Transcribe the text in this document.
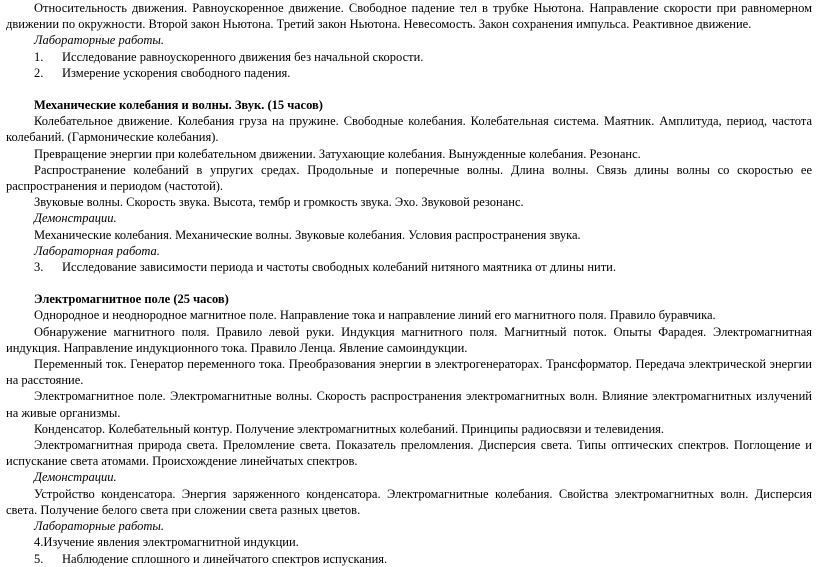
Относительность движения. Равноускоренное движение. Свободное падение тел в трубке Ньютона. Направление скорости при равномерном движении по окружности. Второй закон Ньютона. Третий закон Ньютона. Невесомость. Закон сохранения импульса. Реактивное движение.

Лабораторные работы.

1.	Исследование равноускоренного движения без начальной скорости.
2.	Измерение ускорения свободного падения.

Механические колебания и волны. Звук. (15 часов)

Колебательное движение. Колебания груза на пружине. Свободные колебания. Колебательная система. Маятник. Амплитуда, период, частота колебаний. (Гармонические колебания).

Превращение энергии при колебательном движении. Затухающие колебания. Вынужденные колебания. Резонанс.

Распространение колебаний в упругих средах. Продольные и поперечные волны. Длина волны. Связь длины волны со скоростью ее распространения и периодом (частотой).

Звуковые волны. Скорость звука. Высота, тембр и громкость звука. Эхо. Звуковой резонанс.

Демонстрации.

Механические колебания. Механические волны. Звуковые колебания. Условия распространения звука.

Лабораторная работа.

3.	Исследование зависимости периода и частоты свободных колебаний нитяного маятника от длины нити.

Электромагнитное поле (25 часов)

Однородное и неоднородное магнитное поле. Направление тока и направление линий его магнитного поля. Правило буравчика.

Обнаружение магнитного поля. Правило левой руки. Индукция магнитного поля. Магнитный поток. Опыты Фарадея. Электромагнитная индукция. Направление индукционного тока. Правило Ленца. Явление самоиндукции.

Переменный ток. Генератор переменного тока. Преобразования энергии в электрогенераторах. Трансформатор. Передача электрической энергии на расстояние.

Электромагнитное поле. Электромагнитные волны. Скорость распространения электромагнитных волн. Влияние электромагнитных излучений на живые организмы.

Конденсатор. Колебательный контур. Получение электромагнитных колебаний. Принципы радиосвязи и телевидения.

Электромагнитная природа света. Преломление света. Показатель преломления. Дисперсия света. Типы оптических спектров. Поглощение и испускание света атомами. Происхождение линейчатых спектров.

Демонстрации.

Устройство конденсатора. Энергия заряженного конденсатора. Электромагнитные колебания. Свойства электромагнитных волн. Дисперсия света. Получение белого света при сложении света разных цветов.

Лабораторные работы.

4.Изучение явления электромагнитной индукции.

5.	Наблюдение сплошного и линейчатого спектров испускания.
